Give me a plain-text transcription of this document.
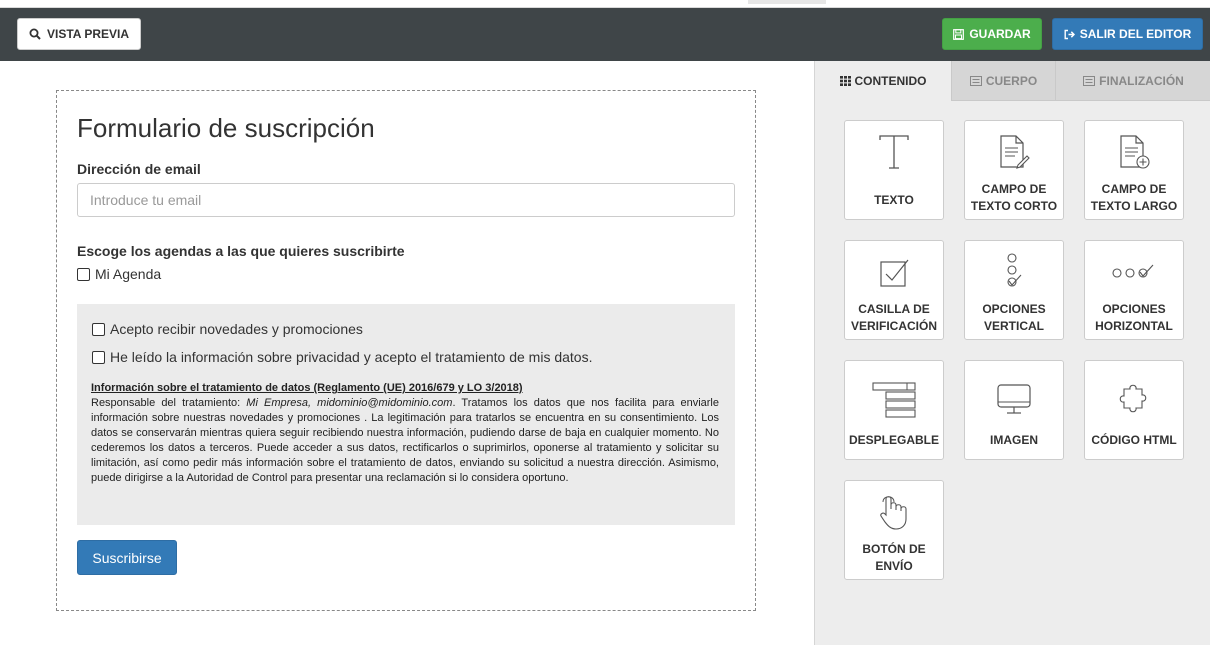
VISTA PREVIA	GUARDAR	SALIR DEL EDITOR
Formulario de suscripción
Dirección de email
Introduce tu email
Escoge los agendas a las que quieres suscribirte
Mi Agenda
Acepto recibir novedades y promociones
He leído la información sobre privacidad y acepto el tratamiento de mis datos.
Información sobre el tratamiento de datos (Reglamento (UE) 2016/679 y LO 3/2018)
Responsable del tratamiento: Mi Empresa, midominio@midominio.com. Tratamos los datos que nos facilita para enviarle información sobre nuestras novedades y promociones . La legitimación para tratarlos se encuentra en su consentimiento. Los datos se conservarán mientras quiera seguir recibiendo nuestra información, pudiendo darse de baja en cualquier momento. No cederemos los datos a terceros. Puede acceder a sus datos, rectificarlos o suprimirlos, oponerse al tratamiento y solicitar su limitación, así como pedir más información sobre el tratamiento de datos, enviando su solicitud a nuestra dirección. Asimismo, puede dirigirse a la Autoridad de Control para presentar una reclamación si lo considera oportuno.
Suscribirse
CONTENIDO	CUERPO	FINALIZACIÓN
TEXTO
CAMPO DE TEXTO CORTO
CAMPO DE TEXTO LARGO
CASILLA DE VERIFICACIÓN
OPCIONES VERTICAL
OPCIONES HORIZONTAL
DESPLEGABLE	IMAGEN	CÓDIGO HTML
BOTÓN DE ENVÍO
